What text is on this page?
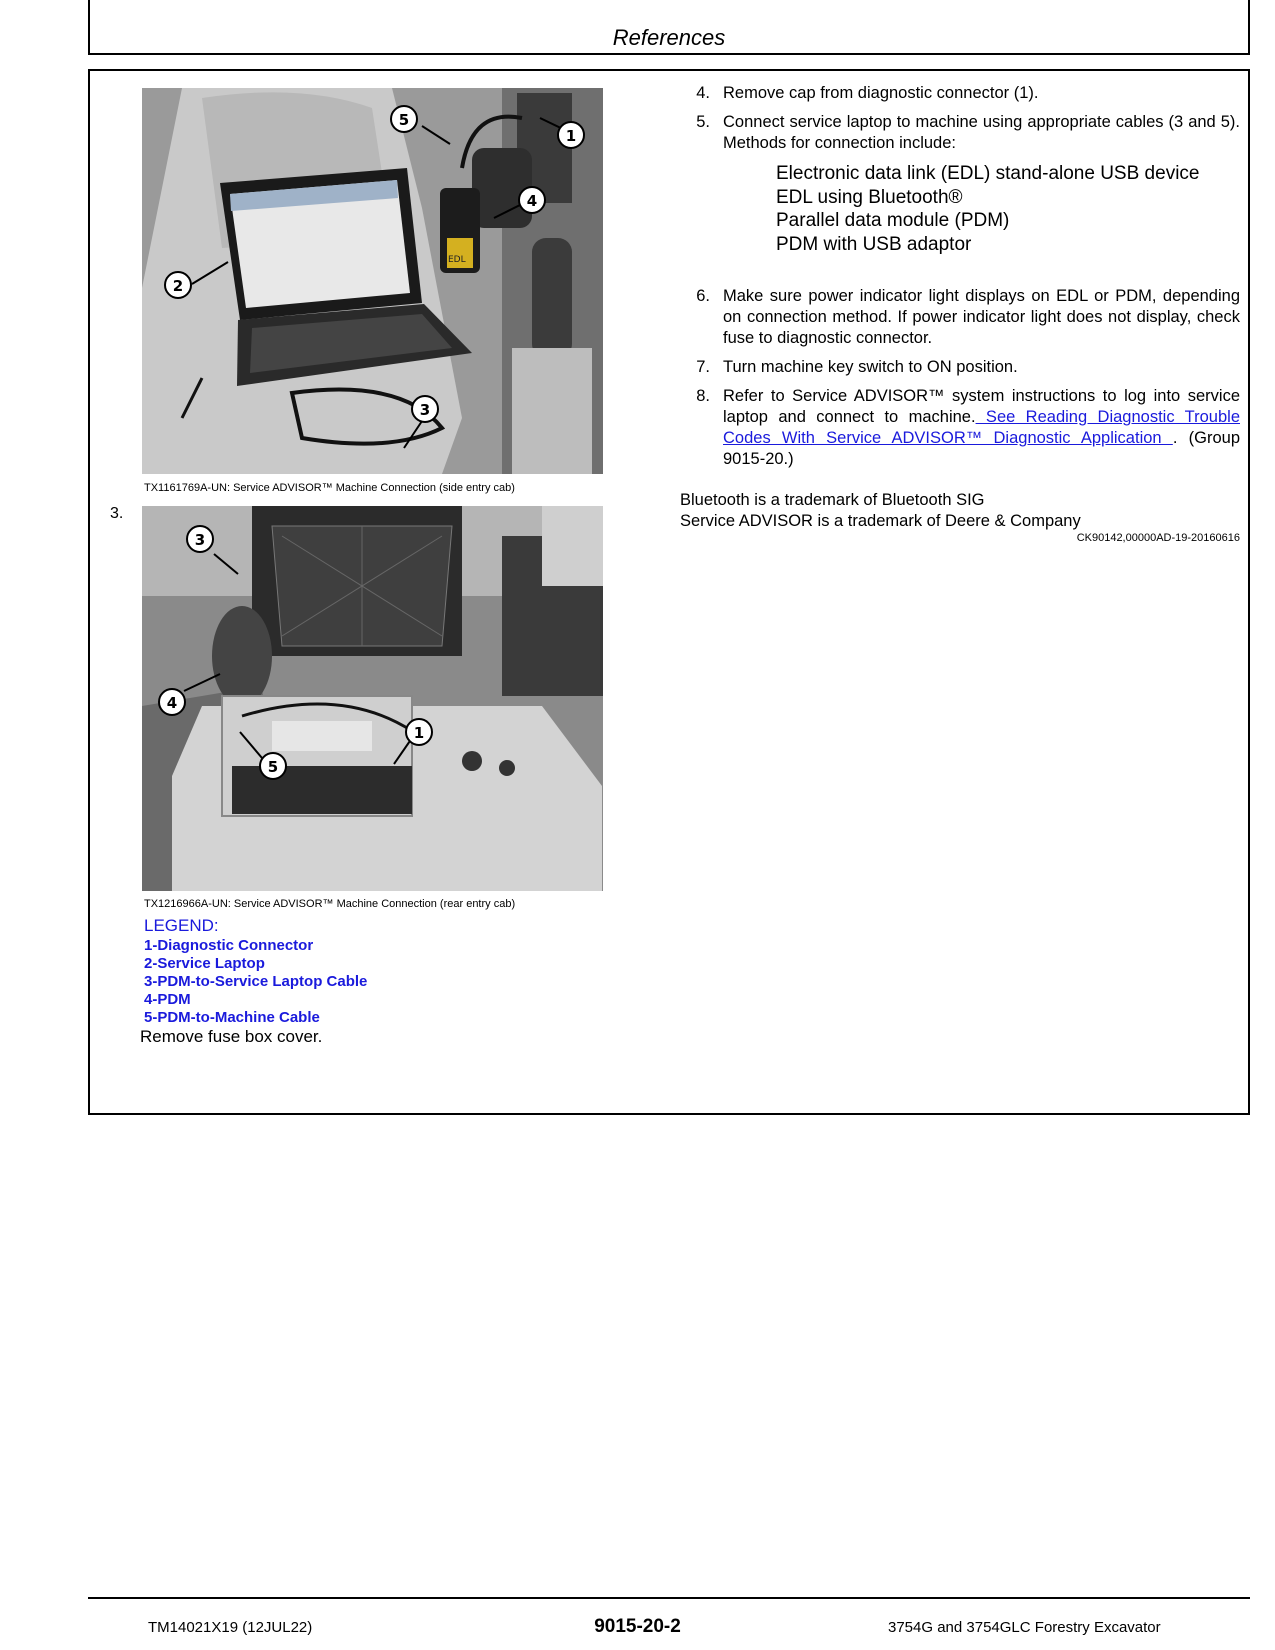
References
EDL
5
1
4
2
3
3.
TX1161769A-UN: Service ADVISOR™ Machine Connection (side entry cab)
3
4
1
5
TX1216966A-UN: Service ADVISOR™ Machine Connection (rear entry cab)
LEGEND:
1-Diagnostic Connector
2-Service Laptop
3-PDM-to-Service Laptop Cable
4-PDM
5-PDM-to-Machine Cable
Remove fuse box cover.
4. Remove cap from diagnostic connector (1).
5. Connect service laptop to machine using appropriate cables (3 and 5). Methods for connection include:
Electronic data link (EDL) stand-alone USB device
EDL using Bluetooth®
Parallel data module (PDM)
PDM with USB adaptor
6. Make sure power indicator light displays on EDL or PDM, depending on connection method. If power indicator light does not display, check fuse to diagnostic connector.
7. Turn machine key switch to ON position.
8. Refer to Service ADVISOR™ system instructions to log into service laptop and connect to machine. See Reading Diagnostic Trouble Codes With Service ADVISOR™ Diagnostic Application . (Group 9015-20.)
Bluetooth is a trademark of Bluetooth SIG
Service ADVISOR is a trademark of Deere & Company
CK90142,00000AD-19-20160616
TM14021X19 (12JUL22)	9015-20-2	3754G and 3754GLC Forestry Excavator
